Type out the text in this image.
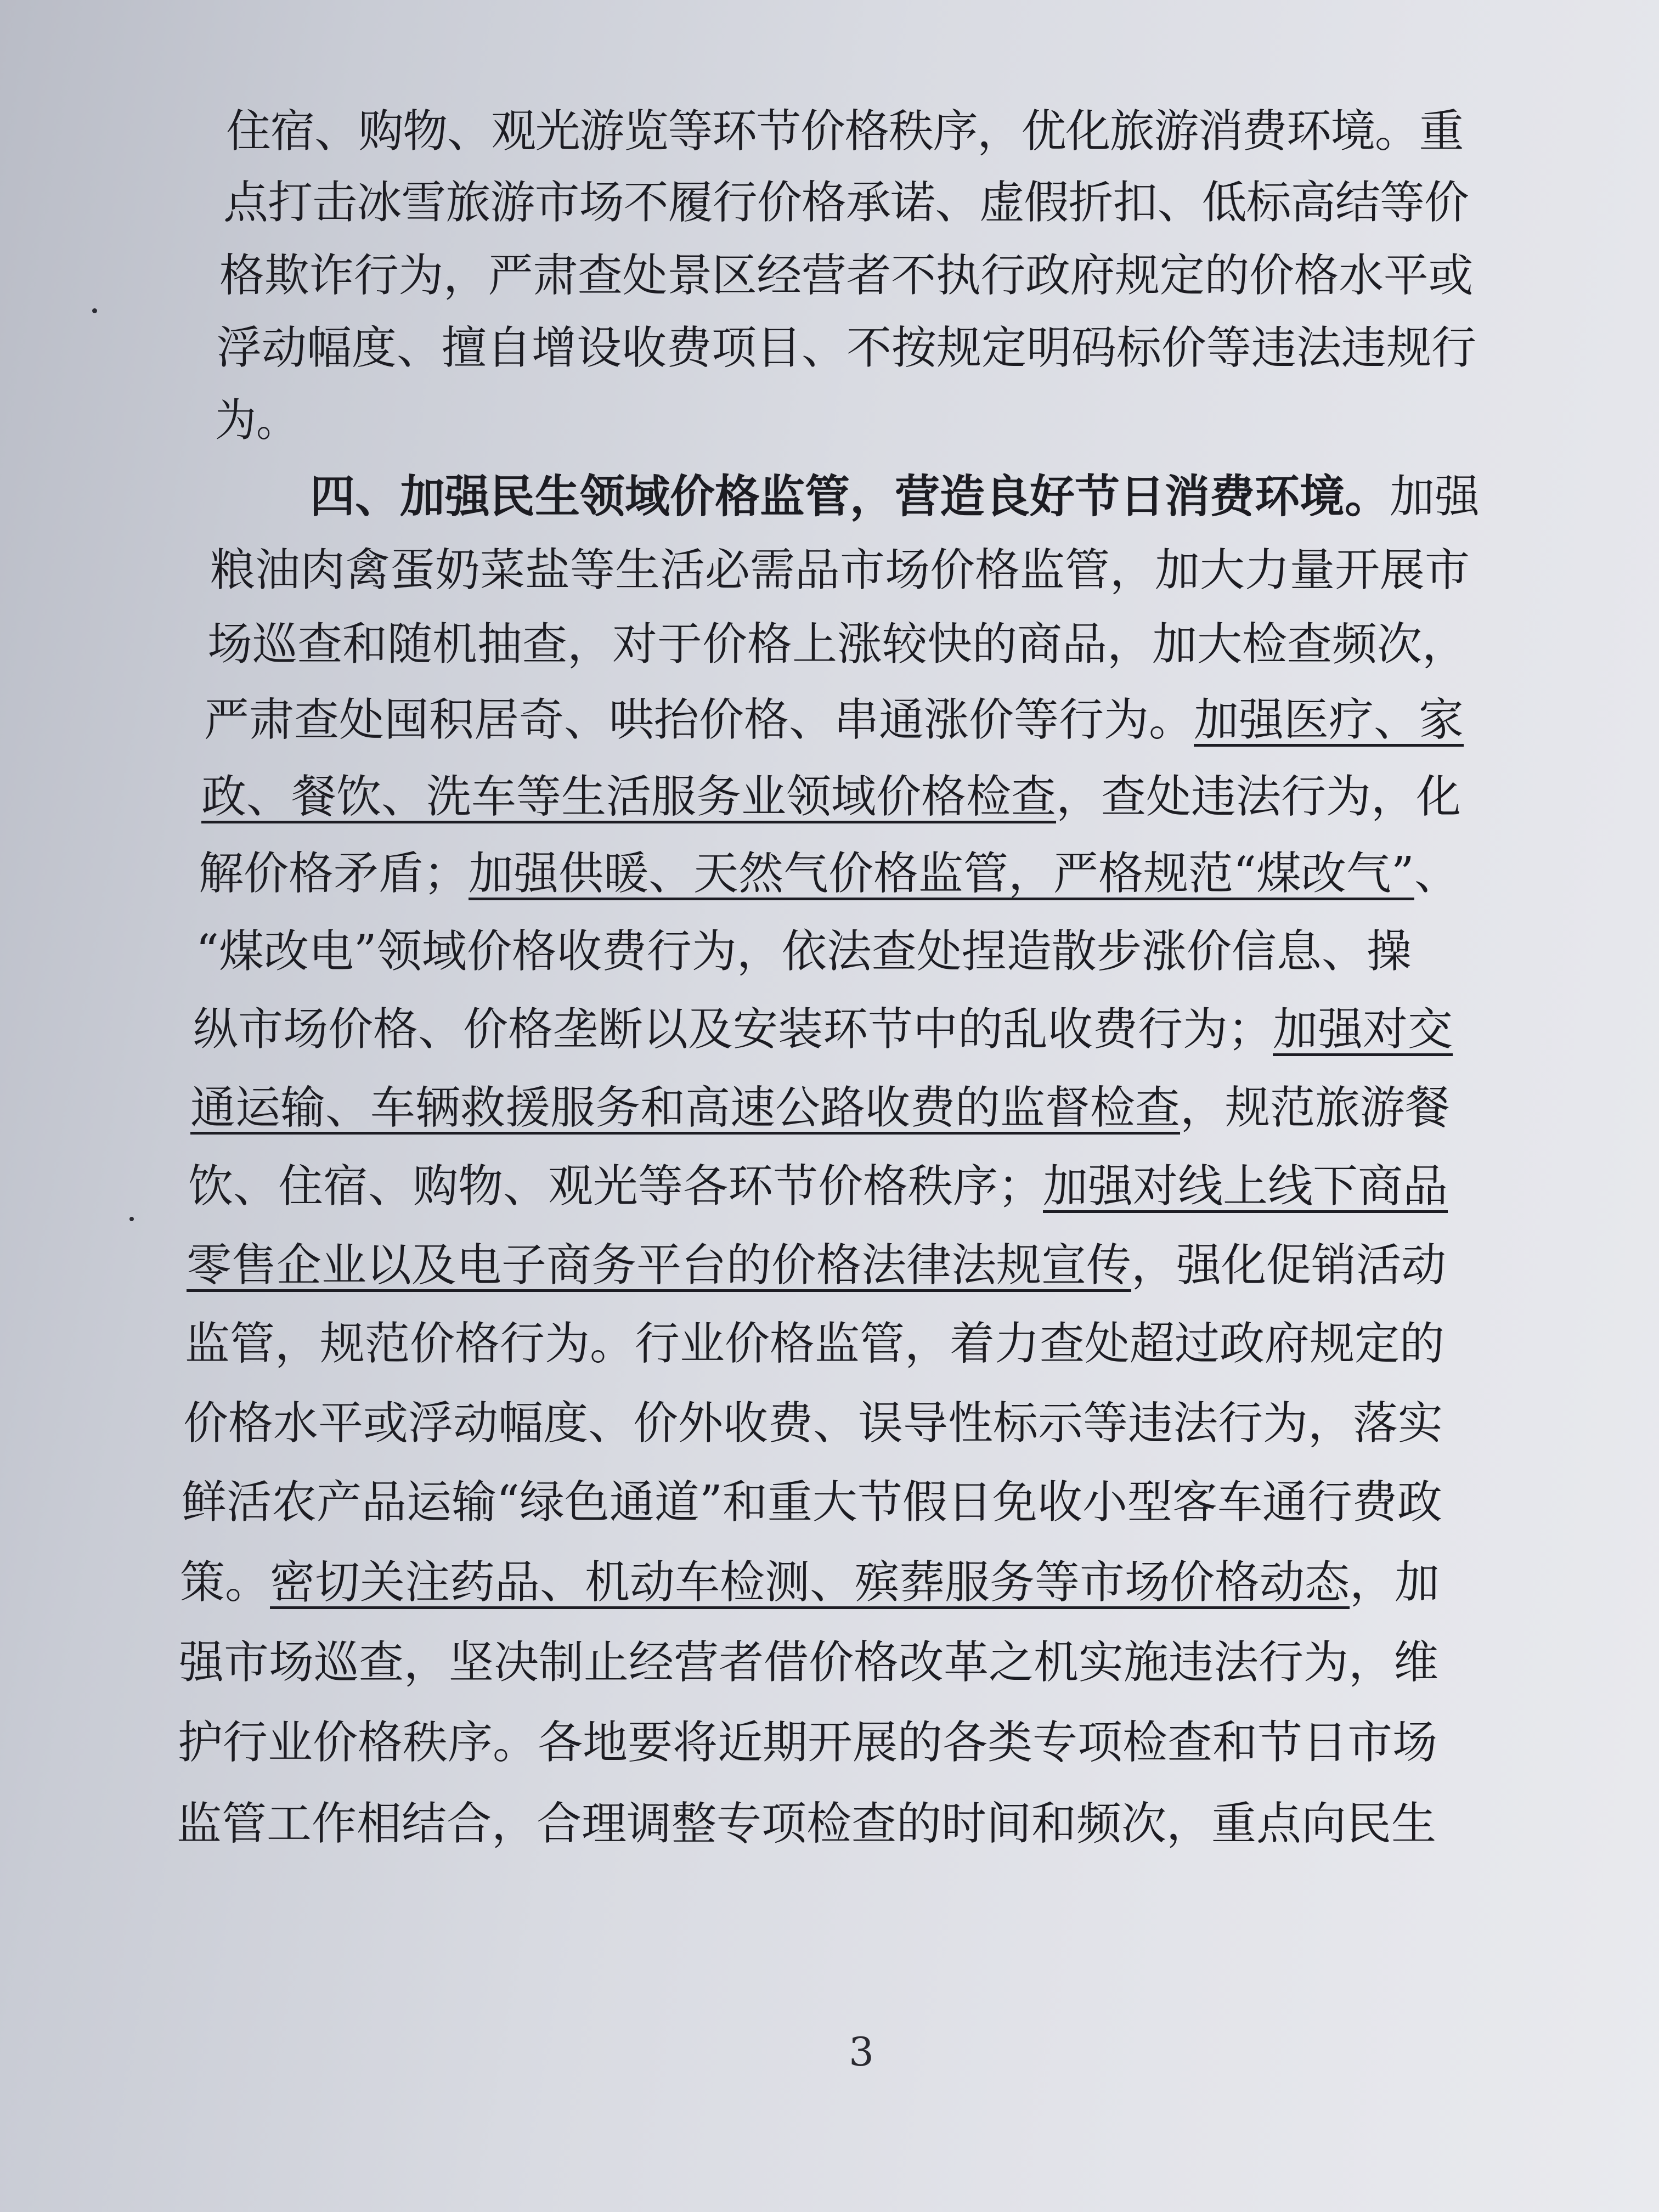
住宿、购物、观光游览等环节价格秩序，优化旅游消费环境。重
点打击冰雪旅游市场不履行价格承诺、虚假折扣、低标高结等价
格欺诈行为，严肃查处景区经营者不执行政府规定的价格水平或
浮动幅度、擅自增设收费项目、不按规定明码标价等违法违规行
为。
四、加强民生领域价格监管，营造良好节日消费环境。加强
粮油肉禽蛋奶菜盐等生活必需品市场价格监管，加大力量开展市
场巡查和随机抽查，对于价格上涨较快的商品，加大检查频次，
严肃查处囤积居奇、哄抬价格、串通涨价等行为。加强医疗、家
政、餐饮、洗车等生活服务业领域价格检查，查处违法行为，化
解价格矛盾；加强供暖、天然气价格监管，严格规范“煤改气”、
“煤改电”领域价格收费行为，依法查处捏造散步涨价信息、操
纵市场价格、价格垄断以及安装环节中的乱收费行为；加强对交
通运输、车辆救援服务和高速公路收费的监督检查，规范旅游餐
饮、住宿、购物、观光等各环节价格秩序；加强对线上线下商品
零售企业以及电子商务平台的价格法律法规宣传，强化促销活动
监管，规范价格行为。行业价格监管，着力查处超过政府规定的
价格水平或浮动幅度、价外收费、误导性标示等违法行为，落实
鲜活农产品运输“绿色通道”和重大节假日免收小型客车通行费政
策。密切关注药品、机动车检测、殡葬服务等市场价格动态，加
强市场巡查，坚决制止经营者借价格改革之机实施违法行为，维
护行业价格秩序。各地要将近期开展的各类专项检查和节日市场
监管工作相结合，合理调整专项检查的时间和频次，重点向民生
3
